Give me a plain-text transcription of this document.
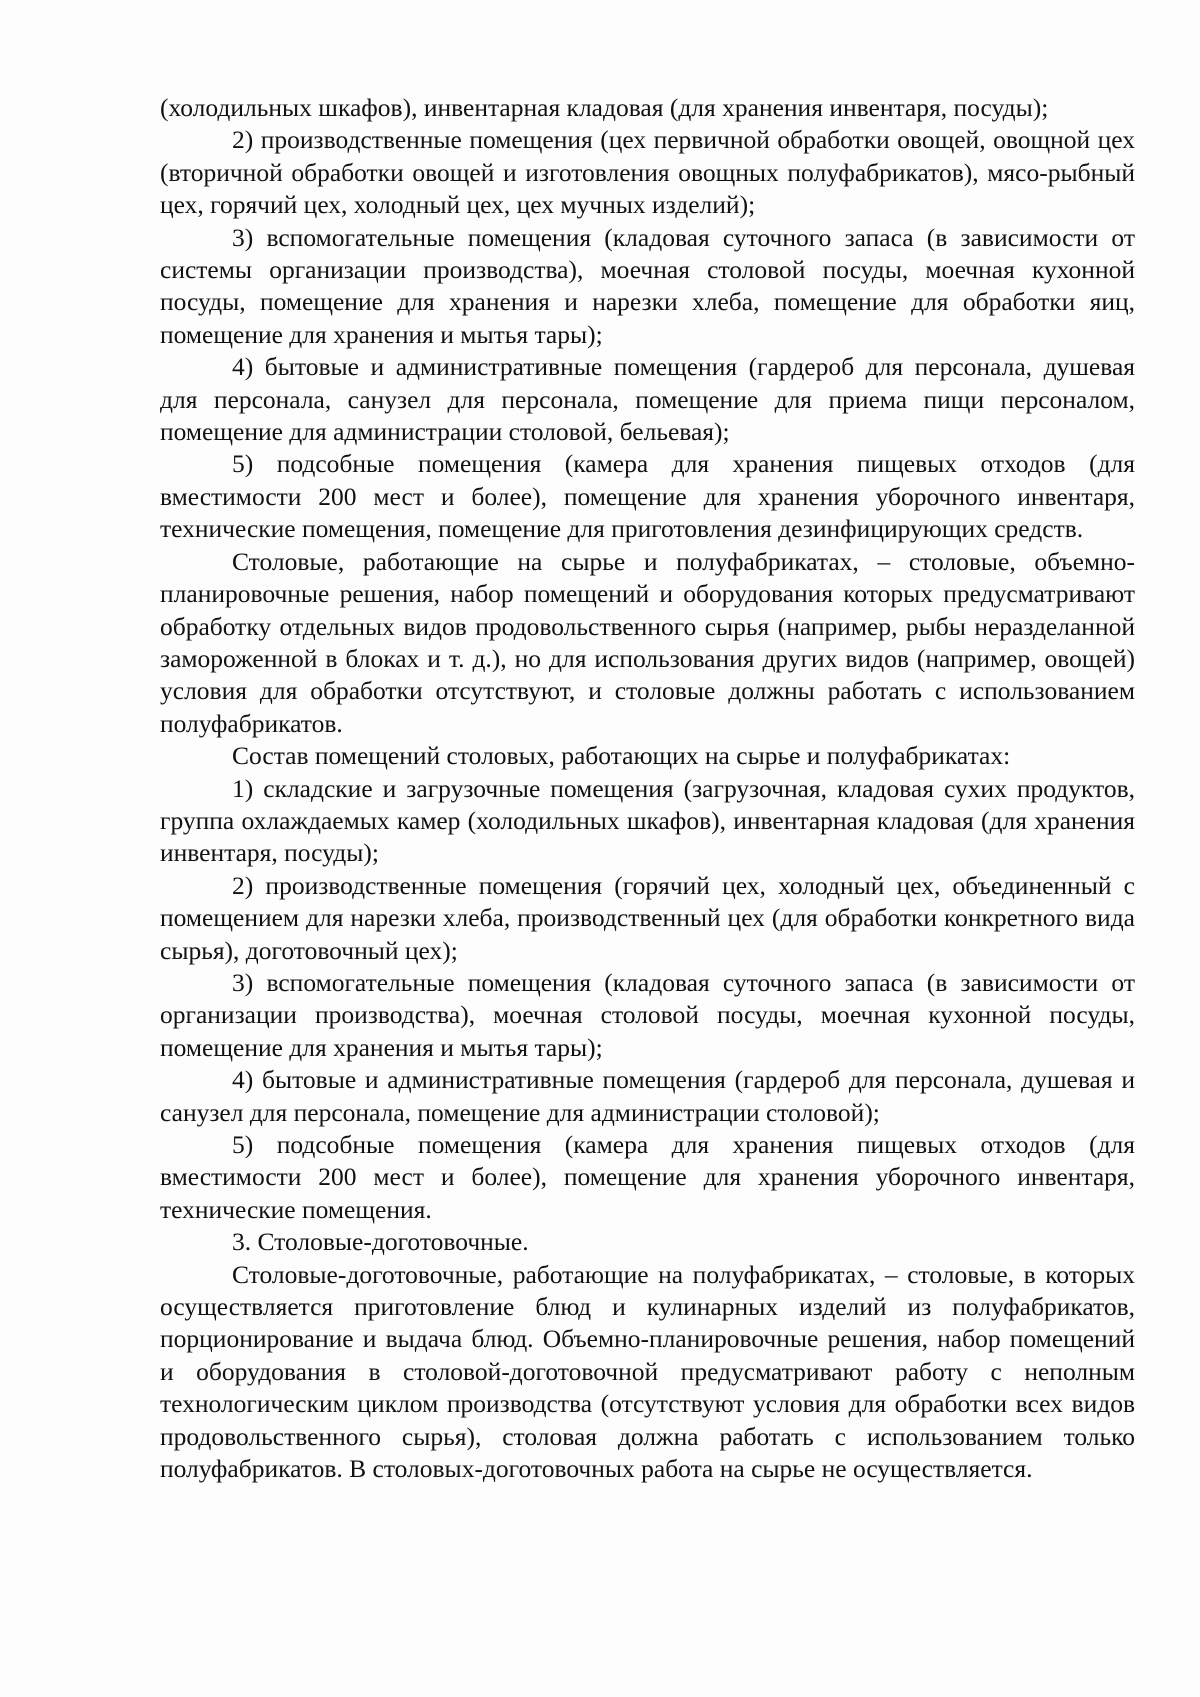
(холодильных шкафов), инвентарная кладовая (для хранения инвентаря, посуды);

2) производственные помещения (цех первичной обработки овощей, овощной цех (вторичной обработки овощей и изготовления овощных полуфабрикатов), мясо-рыбный цех, горячий цех, холодный цех, цех мучных изделий);

3) вспомогательные помещения (кладовая суточного запаса (в зависимости от системы организации производства), моечная столовой посуды, моечная кухонной посуды, помещение для хранения и нарезки хлеба, помещение для обработки яиц, помещение для хранения и мытья тары);

4) бытовые и административные помещения (гардероб для персонала, душевая для персонала, санузел для персонала, помещение для приема пищи персоналом, помещение для администрации столовой, бельевая);

5) подсобные помещения (камера для хранения пищевых отходов (для вместимости 200 мест и более), помещение для хранения уборочного инвентаря, технические помещения, помещение для приготовления дезинфицирующих средств.

Столовые, работающие на сырье и полуфабрикатах, – столовые, объемно-планировочные решения, набор помещений и оборудования которых предусматривают обработку отдельных видов продовольственного сырья (например, рыбы неразделанной замороженной в блоках и т. д.), но для использования других видов (например, овощей) условия для обработки отсутствуют, и столовые должны работать с использованием полуфабрикатов.

Состав помещений столовых, работающих на сырье и полуфабрикатах:

1) складские и загрузочные помещения (загрузочная, кладовая сухих продуктов, группа охлаждаемых камер (холодильных шкафов), инвентарная кладовая (для хранения инвентаря, посуды);

2) производственные помещения (горячий цех, холодный цех, объединенный с помещением для нарезки хлеба, производственный цех (для обработки конкретного вида сырья), доготовочный цех);

3) вспомогательные помещения (кладовая суточного запаса (в зависимости от организации производства), моечная столовой посуды, моечная кухонной посуды, помещение для хранения и мытья тары);

4) бытовые и административные помещения (гардероб для персонала, душевая и санузел для персонала, помещение для администрации столовой);

5) подсобные помещения (камера для хранения пищевых отходов (для вместимости 200 мест и более), помещение для хранения уборочного инвентаря, технические помещения.

3. Столовые-доготовочные.

Столовые-доготовочные, работающие на полуфабрикатах, – столовые, в которых осуществляется приготовление блюд и кулинарных изделий из полуфабрикатов, порционирование и выдача блюд. Объемно-планировочные решения, набор помещений и оборудования в столовой-доготовочной предусматривают работу с неполным технологическим циклом производства (отсутствуют условия для обработки всех видов продовольственного сырья), столовая должна работать с использованием только полуфабрикатов. В столовых-доготовочных работа на сырье не осуществляется.
